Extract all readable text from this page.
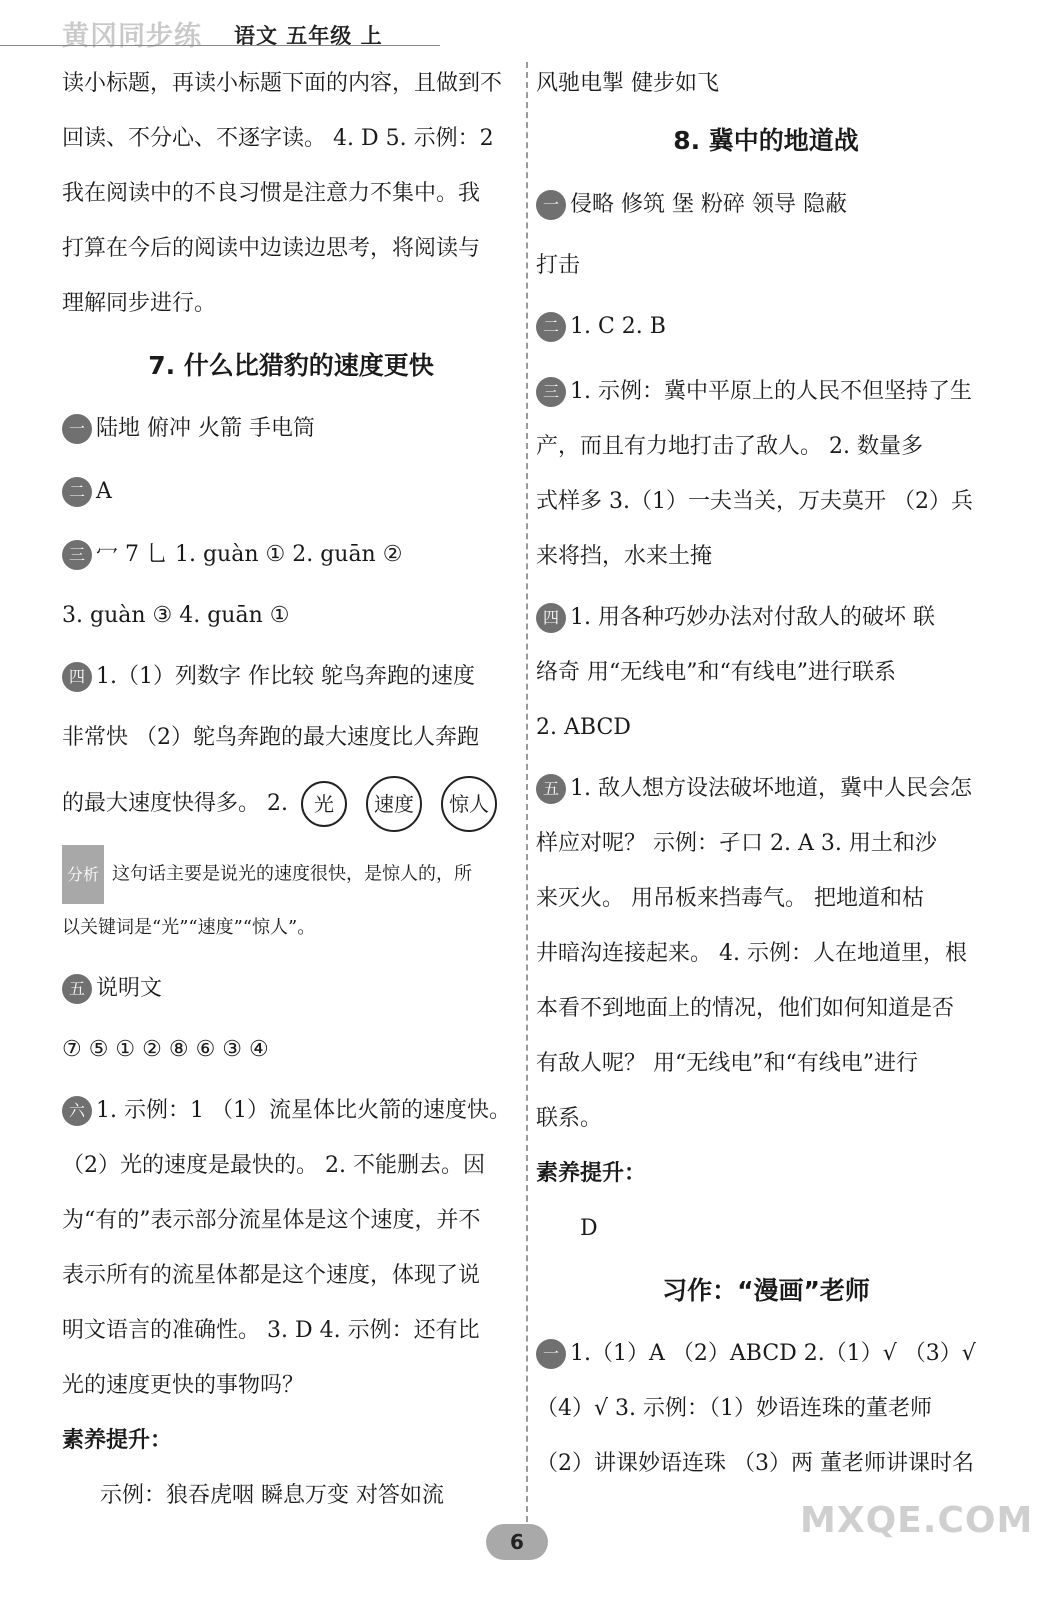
黄冈同步练 语文 五年级 上
读小标题，再读小标题下面的内容，且做到不
回读、不分心、不逐字读。 4. D 5. 示例：2
我在阅读中的不良习惯是注意力不集中。我
打算在今后的阅读中边读边思考，将阅读与
理解同步进行。
7. 什么比猎豹的速度更快
一 陆地 俯冲 火箭 手电筒
二 A
三 冖 7 乚 1. guàn ① 2. guān ②
3. guàn ③ 4. guān ①
四 1.（1）列数字 作比较 鸵鸟奔跑的速度
非常快 （2）鸵鸟奔跑的最大速度比人奔跑
的最大速度快得多。 2. 光 速度 惊人
分析 这句话主要是说光的速度很快，是惊人的，所
以关键词是“光”“速度”“惊人”。
五 说明文
⑦ ⑤ ① ② ⑧ ⑥ ③ ④
六 1. 示例：1 （1）流星体比火箭的速度快。
（2）光的速度是最快的。 2. 不能删去。因
为“有的”表示部分流星体是这个速度，并不
表示所有的流星体都是这个速度，体现了说
明文语言的准确性。 3. D 4. 示例：还有比
光的速度更快的事物吗？
素养提升：
示例：狼吞虎咽 瞬息万变 对答如流
风驰电掣 健步如飞
8. 冀中的地道战
一 侵略 修筑 堡 粉碎 领导 隐蔽
打击
二 1. C 2. B
三 1. 示例：冀中平原上的人民不但坚持了生
产，而且有力地打击了敌人。 2. 数量多
式样多 3.（1）一夫当关，万夫莫开 （2）兵
来将挡，水来土掩
四 1. 用各种巧妙办法对付敌人的破坏 联
络奇 用“无线电”和“有线电”进行联系
2. ABCD
五 1. 敌人想方设法破坏地道，冀中人民会怎
样应对呢？ 示例：孑口 2. A 3. 用土和沙
来灭火。 用吊板来挡毒气。 把地道和枯
井暗沟连接起来。 4. 示例：人在地道里，根
本看不到地面上的情况，他们如何知道是否
有敌人呢？ 用“无线电”和“有线电”进行
联系。
素养提升：
D
习作：“漫画”老师
一 1.（1）A （2）ABCD 2.（1）√ （3）√
（4）√ 3. 示例：（1）妙语连珠的董老师
（2）讲课妙语连珠 （3）两 董老师讲课时名
6
MXQE.COM
